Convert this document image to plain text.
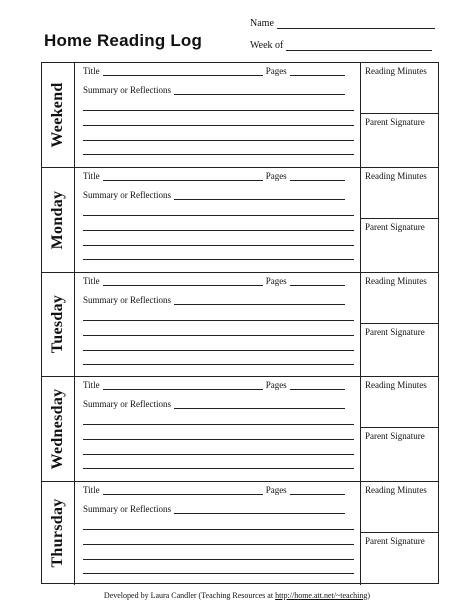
Home Reading Log
Name
Week of
Weekend
Title	Pages
Summary or Reflections
Reading Minutes
Parent Signature
Monday
Title	Pages
Summary or Reflections
Reading Minutes
Parent Signature
Tuesday
Title	Pages
Summary or Reflections
Reading Minutes
Parent Signature
Wednesday
Title	Pages
Summary or Reflections
Reading Minutes
Parent Signature
Thursday
Title	Pages
Summary or Reflections
Reading Minutes
Parent Signature
Developed by Laura Candler (Teaching Resources at http://home.att.net/~teaching)
